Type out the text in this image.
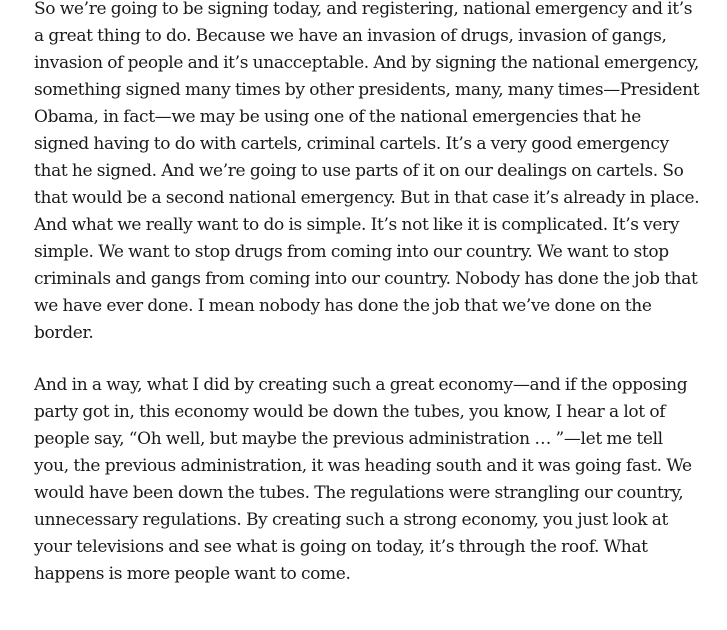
So we’re going to be signing today, and registering, national emergency and it’s a great thing to do. Because we have an invasion of drugs, invasion of gangs, invasion of people and it’s unacceptable. And by signing the national emergency, something signed many times by other presidents, many, many times—President Obama, in fact—we may be using one of the national emergencies that he signed having to do with cartels, criminal cartels. It’s a very good emergency that he signed. And we’re going to use parts of it on our dealings on cartels. So that would be a second national emergency. But in that case it’s already in place. And what we really want to do is simple. It’s not like it is complicated. It’s very simple. We want to stop drugs from coming into our country. We want to stop criminals and gangs from coming into our country. Nobody has done the job that we have ever done. I mean nobody has done the job that we’ve done on the border.

And in a way, what I did by creating such a great economy—and if the opposing party got in, this economy would be down the tubes, you know, I hear a lot of people say, “Oh well, but maybe the previous administration … ”—let me tell you, the previous administration, it was heading south and it was going fast. We would have been down the tubes. The regulations were strangling our country, unnecessary regulations. By creating such a strong economy, you just look at your televisions and see what is going on today, it’s through the roof. What happens is more people want to come.
